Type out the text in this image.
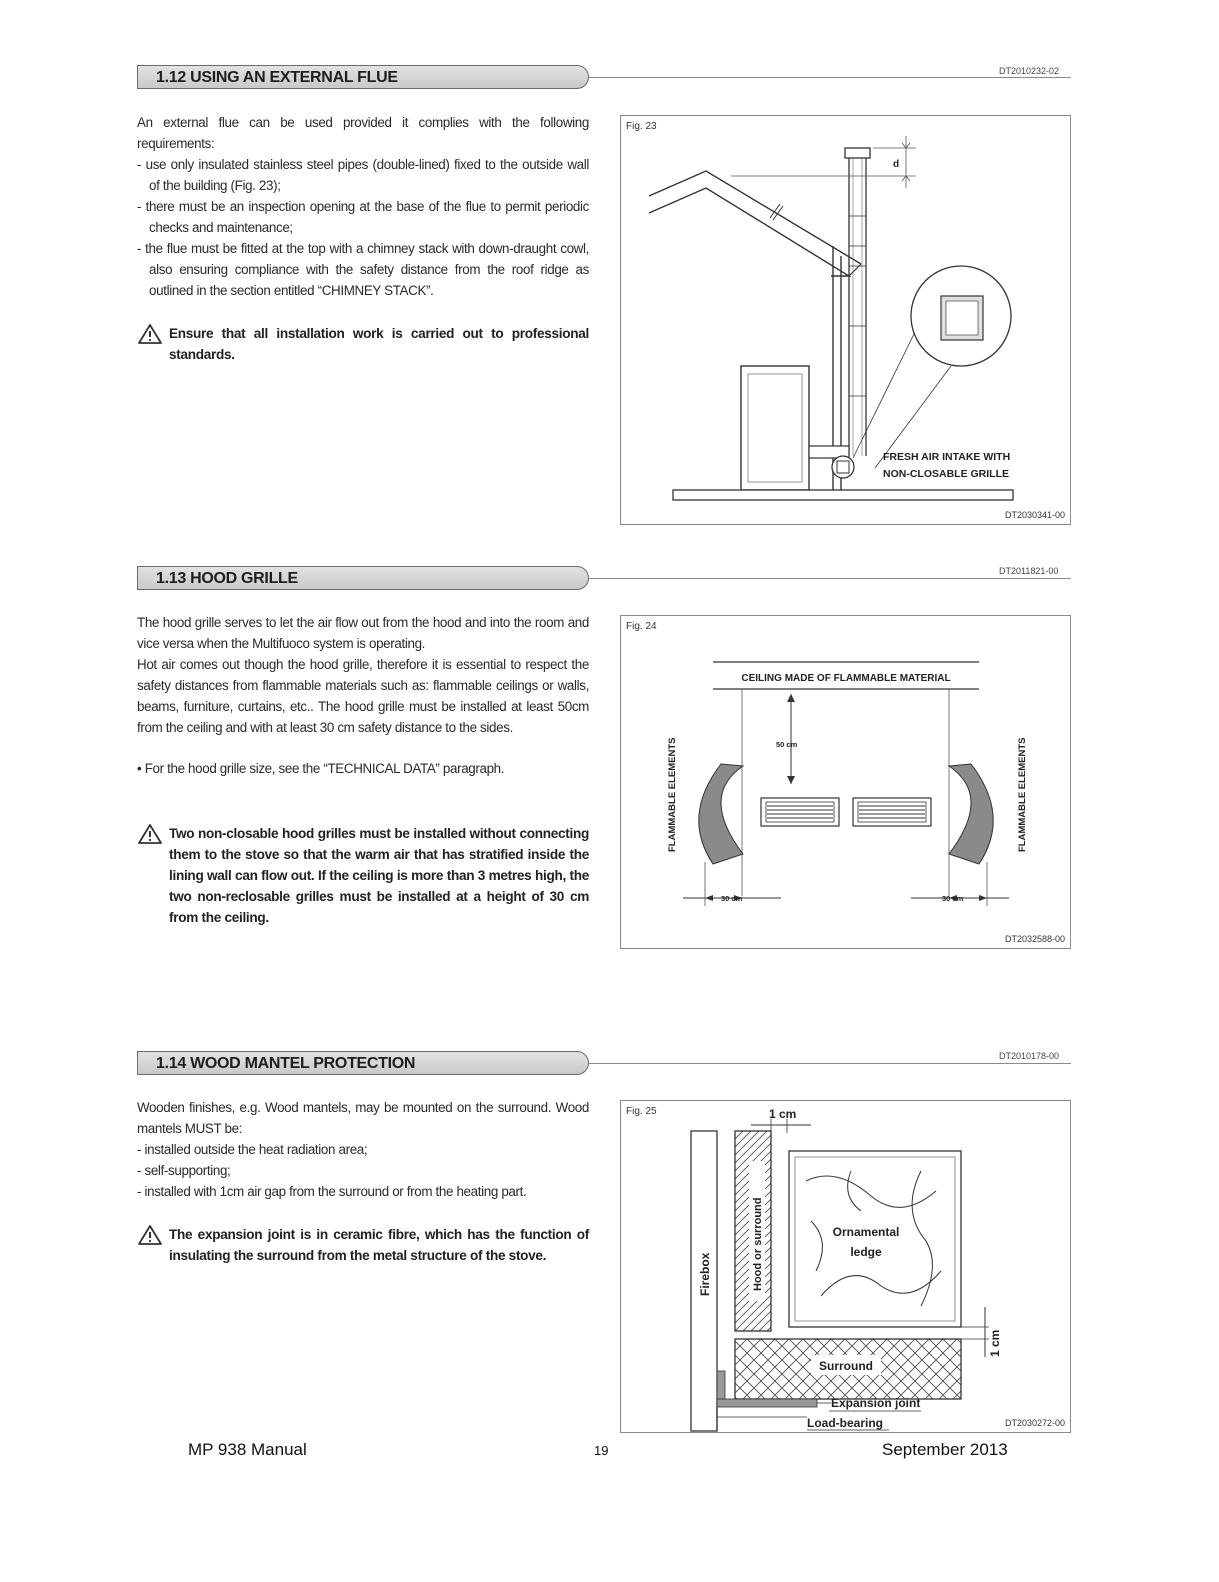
1.12 USING AN EXTERNAL FLUE	DT2010232-02

An external flue can be used provided it complies with the following requirements:

- use only insulated stainless steel pipes (double-lined) fixed to the outside wall of the building (Fig. 23);

- there must be an inspection opening at the base of the flue to permit periodic checks and maintenance;

- the flue must be fitted at the top with a chimney stack with down-draught cowl, also ensuring compliance with the safety distance from the roof ridge as outlined in the section entitled “CHIMNEY STACK”.

Ensure that all installation work is carried out to professional standards.
d
FRESH AIR INTAKE WITH
NON-CLOSABLE GRILLE
Fig. 23
DT2030341-00
1.13 HOOD GRILLE	DT2011821-00

The hood grille serves to let the air flow out from the hood and into the room and vice versa when the Multifuoco system is operating.

Hot air comes out though the hood grille, therefore it is essential to respect the safety distances from flammable materials such as: flammable ceilings or walls, beams, furniture, curtains, etc.. The hood grille must be installed at least 50cm from the ceiling and with at least 30 cm safety distance to the sides.

• For the hood grille size, see the “TECHNICAL DATA” paragraph.

Two non-closable hood grilles must be installed without connecting them to the stove so that the warm air that has stratified inside the lining wall can flow out. If the ceiling is more than 3 metres high, the two non-reclosable grilles must be installed at a height of 30 cm from the ceiling.
CEILING MADE OF FLAMMABLE MATERIAL
50 cm
FLAMMABLE ELEMENTS	FLAMMABLE ELEMENTS
30 cm	30 cm
Fig. 24
DT2032588-00
1.14 WOOD MANTEL PROTECTION	DT2010178-00

Wooden finishes, e.g. Wood mantels, may be mounted on the surround. Wood mantels MUST be:

- installed outside the heat radiation area;

- self-supporting;

- installed with 1cm air gap from the surround or from the heating part.

The expansion joint is in ceramic fibre, which has the function of insulating the surround from the metal structure of the stove.	Firebox	Hood or surround
1 cm
Ornamental
ledge
1 cm
Surround
Expansion joint
Load-bearing
Fig. 25
DT2030272-00
MP 938 Manual	19	September 2013
